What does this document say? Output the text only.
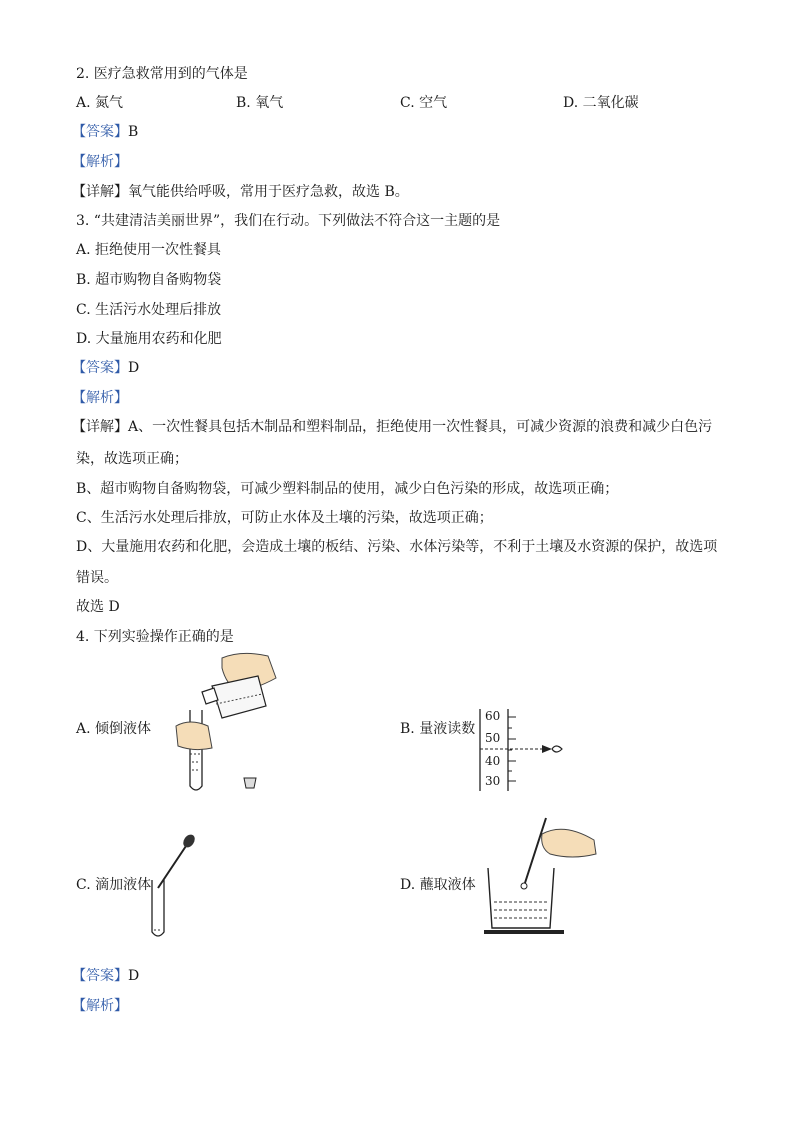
2. 医疗急救常用到的气体是
A. 氮气	B. 氧气	C. 空气	D. 二氧化碳
【答案】B
【解析】
【详解】氧气能供给呼吸，常用于医疗急救，故选 B。
3. “共建清洁美丽世界”，我们在行动。下列做法不符合这一主题的是
A. 拒绝使用一次性餐具
B. 超市购物自备购物袋
C. 生活污水处理后排放
D. 大量施用农药和化肥
【答案】D
【解析】
【详解】A、一次性餐具包括木制品和塑料制品，拒绝使用一次性餐具，可减少资源的浪费和减少白色污
染，故选项正确；
B、超市购物自备购物袋，可减少塑料制品的使用，减少白色污染的形成，故选项正确；
C、生活污水处理后排放，可防止水体及土壤的污染，故选项正确；
D、大量施用农药和化肥，会造成土壤的板结、污染、水体污染等，不利于土壤及水资源的保护，故选项
错误。
故选 D
4. 下列实验操作正确的是
A. 倾倒液体	B. 量液读数
60
50
40
30
C. 滴加液体	D. 蘸取液体
【答案】D
【解析】
